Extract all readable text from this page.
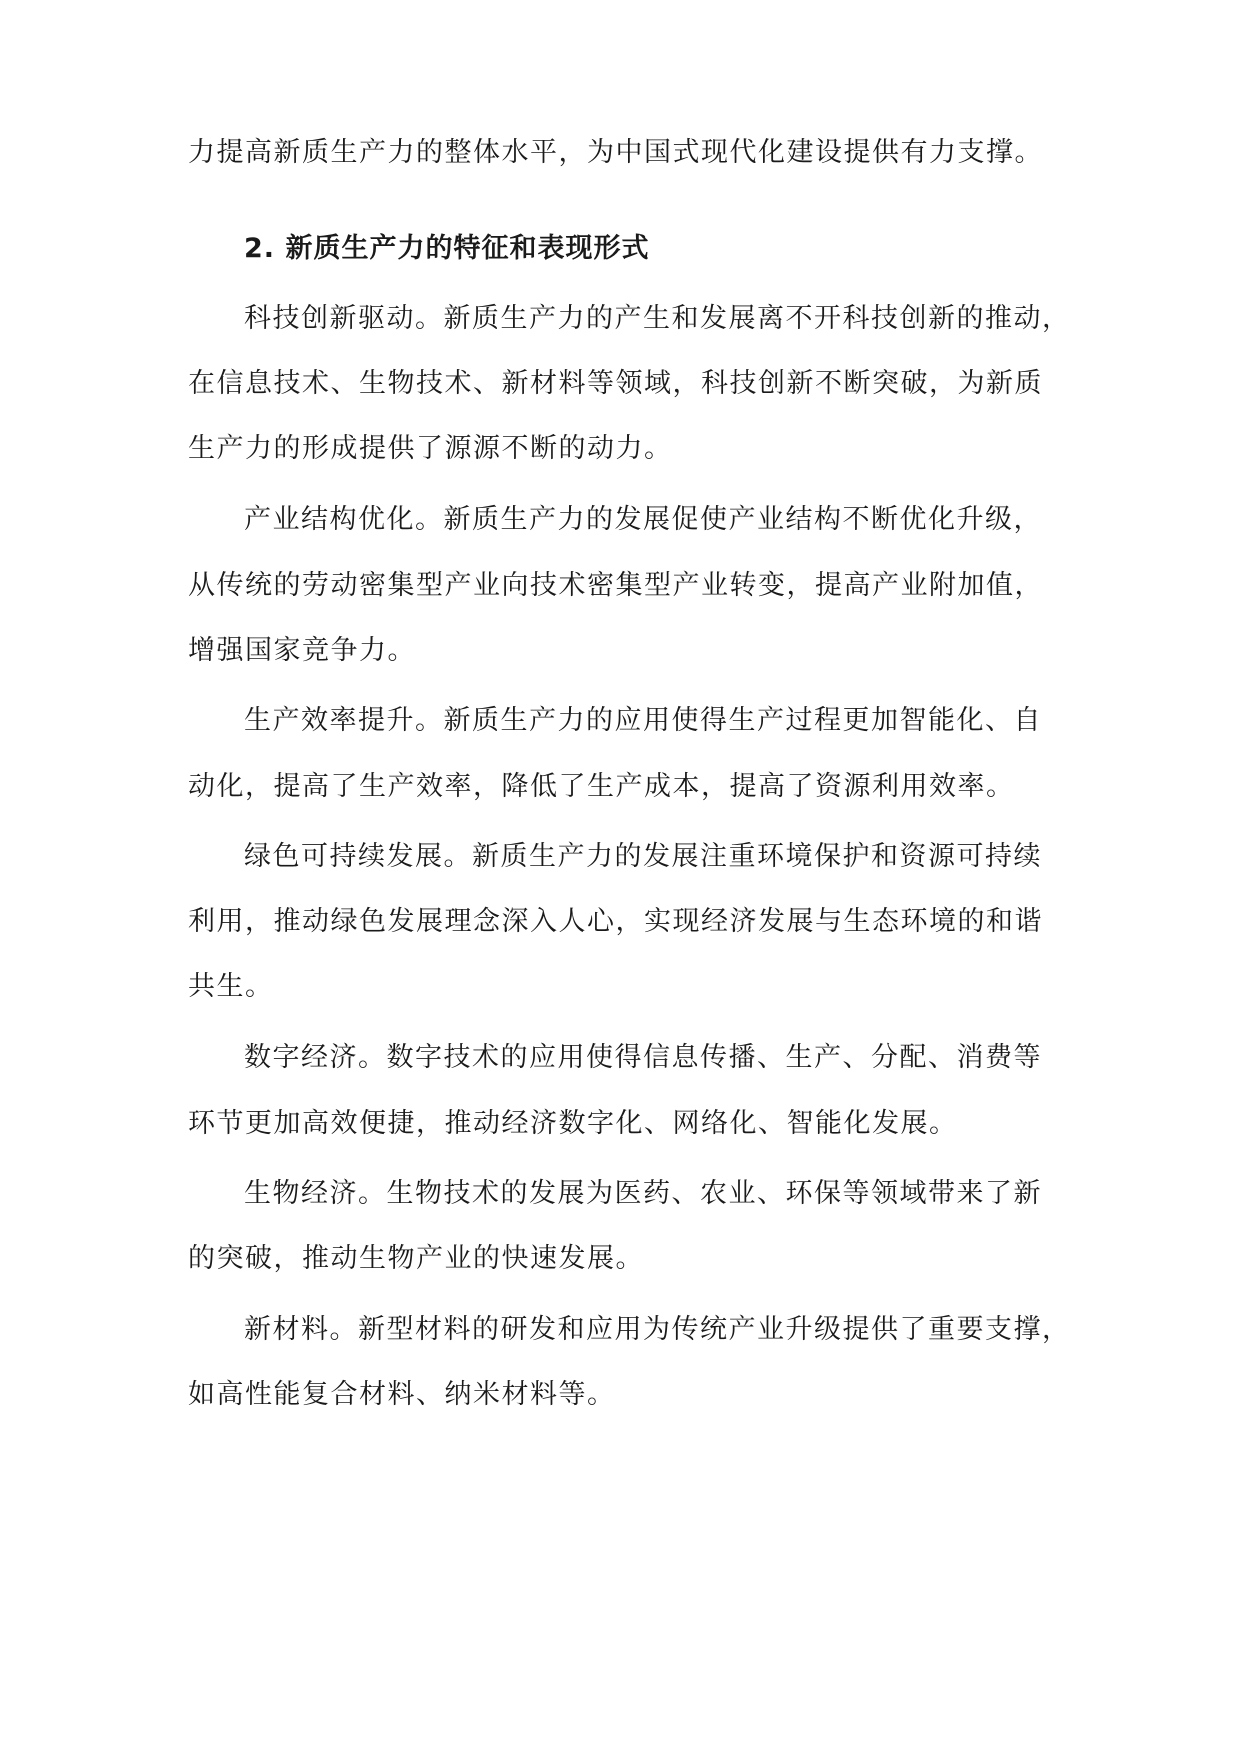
力提高新质生产力的整体水平，为中国式现代化建设提供有力支撑。
2. 新质生产力的特征和表现形式
科技创新驱动。新质生产力的产生和发展离不开科技创新的推动，
在信息技术、生物技术、新材料等领域，科技创新不断突破，为新质
生产力的形成提供了源源不断的动力。
产业结构优化。新质生产力的发展促使产业结构不断优化升级，
从传统的劳动密集型产业向技术密集型产业转变，提高产业附加值，
增强国家竞争力。
生产效率提升。新质生产力的应用使得生产过程更加智能化、自
动化，提高了生产效率，降低了生产成本，提高了资源利用效率。
绿色可持续发展。新质生产力的发展注重环境保护和资源可持续
利用，推动绿色发展理念深入人心，实现经济发展与生态环境的和谐
共生。
数字经济。数字技术的应用使得信息传播、生产、分配、消费等
环节更加高效便捷，推动经济数字化、网络化、智能化发展。
生物经济。生物技术的发展为医药、农业、环保等领域带来了新
的突破，推动生物产业的快速发展。
新材料。新型材料的研发和应用为传统产业升级提供了重要支撑，
如高性能复合材料、纳米材料等。
